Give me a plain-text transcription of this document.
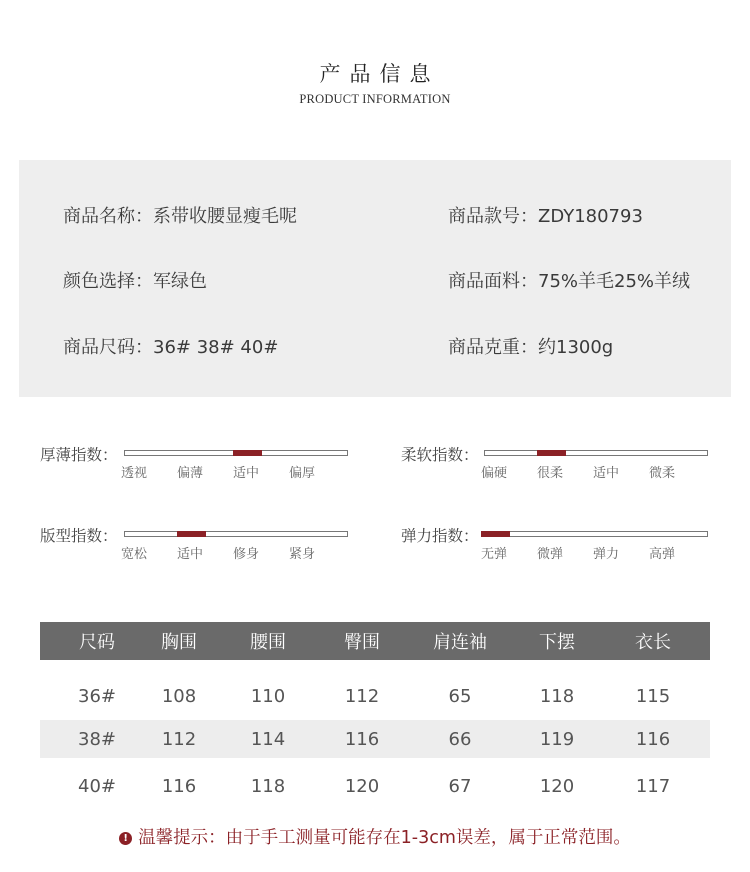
产品信息
PRODUCT INFORMATION
商品名称：系带收腰显瘦毛呢	商品款号：ZDY180793
颜色选择：军绿色	商品面料：75%羊毛25%羊绒
商品尺码：36# 38# 40#	商品克重：约1300g
厚薄指数：
透视 偏薄 适中 偏厚
柔软指数：
偏硬 很柔 适中 微柔
版型指数：
宽松 适中 修身 紧身
弹力指数：
无弹 微弹 弹力 高弹
尺码	胸围	腰围	臀围	肩连袖	下摆	衣长
36#	108	110	112	65	118	115
38#	112	114	116	66	119	116
40#	116	118	120	67	120	117
! 温馨提示：由于手工测量可能存在1-3cm误差，属于正常范围。
